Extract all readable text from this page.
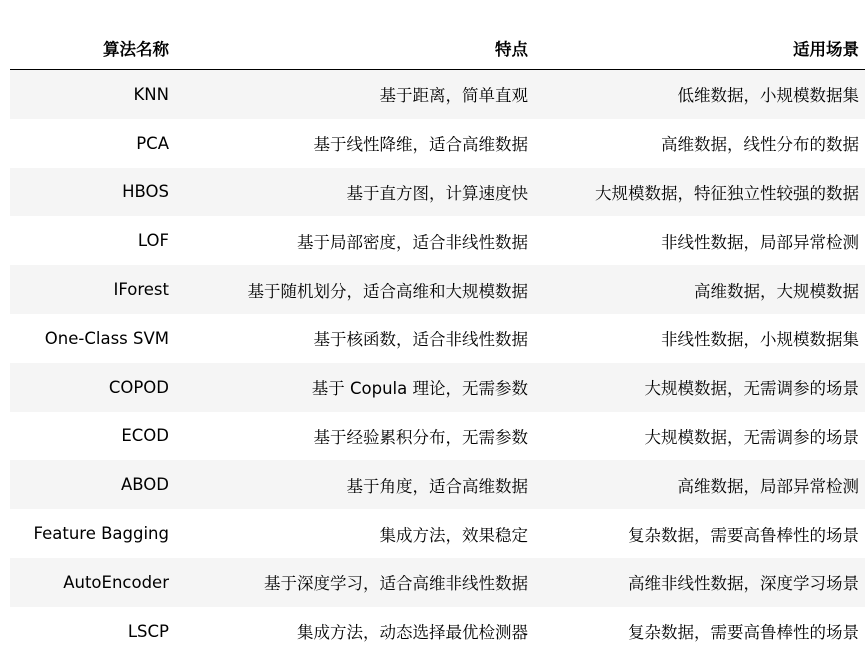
算法名称	特点	适用场景
KNN	基于距离，简单直观	低维数据，小规模数据集
PCA	基于线性降维，适合高维数据	高维数据，线性分布的数据
HBOS	基于直方图，计算速度快	大规模数据，特征独立性较强的数据
LOF	基于局部密度，适合非线性数据	非线性数据，局部异常检测
IForest	基于随机划分，适合高维和大规模数据	高维数据，大规模数据
One-Class SVM	基于核函数，适合非线性数据	非线性数据，小规模数据集
COPOD	基于 Copula 理论，无需参数	大规模数据，无需调参的场景
ECOD	基于经验累积分布，无需参数	大规模数据，无需调参的场景
ABOD	基于角度，适合高维数据	高维数据，局部异常检测
Feature Bagging	集成方法，效果稳定	复杂数据，需要高鲁棒性的场景
AutoEncoder	基于深度学习，适合高维非线性数据	高维非线性数据，深度学习场景
LSCP	集成方法，动态选择最优检测器	复杂数据，需要高鲁棒性的场景
